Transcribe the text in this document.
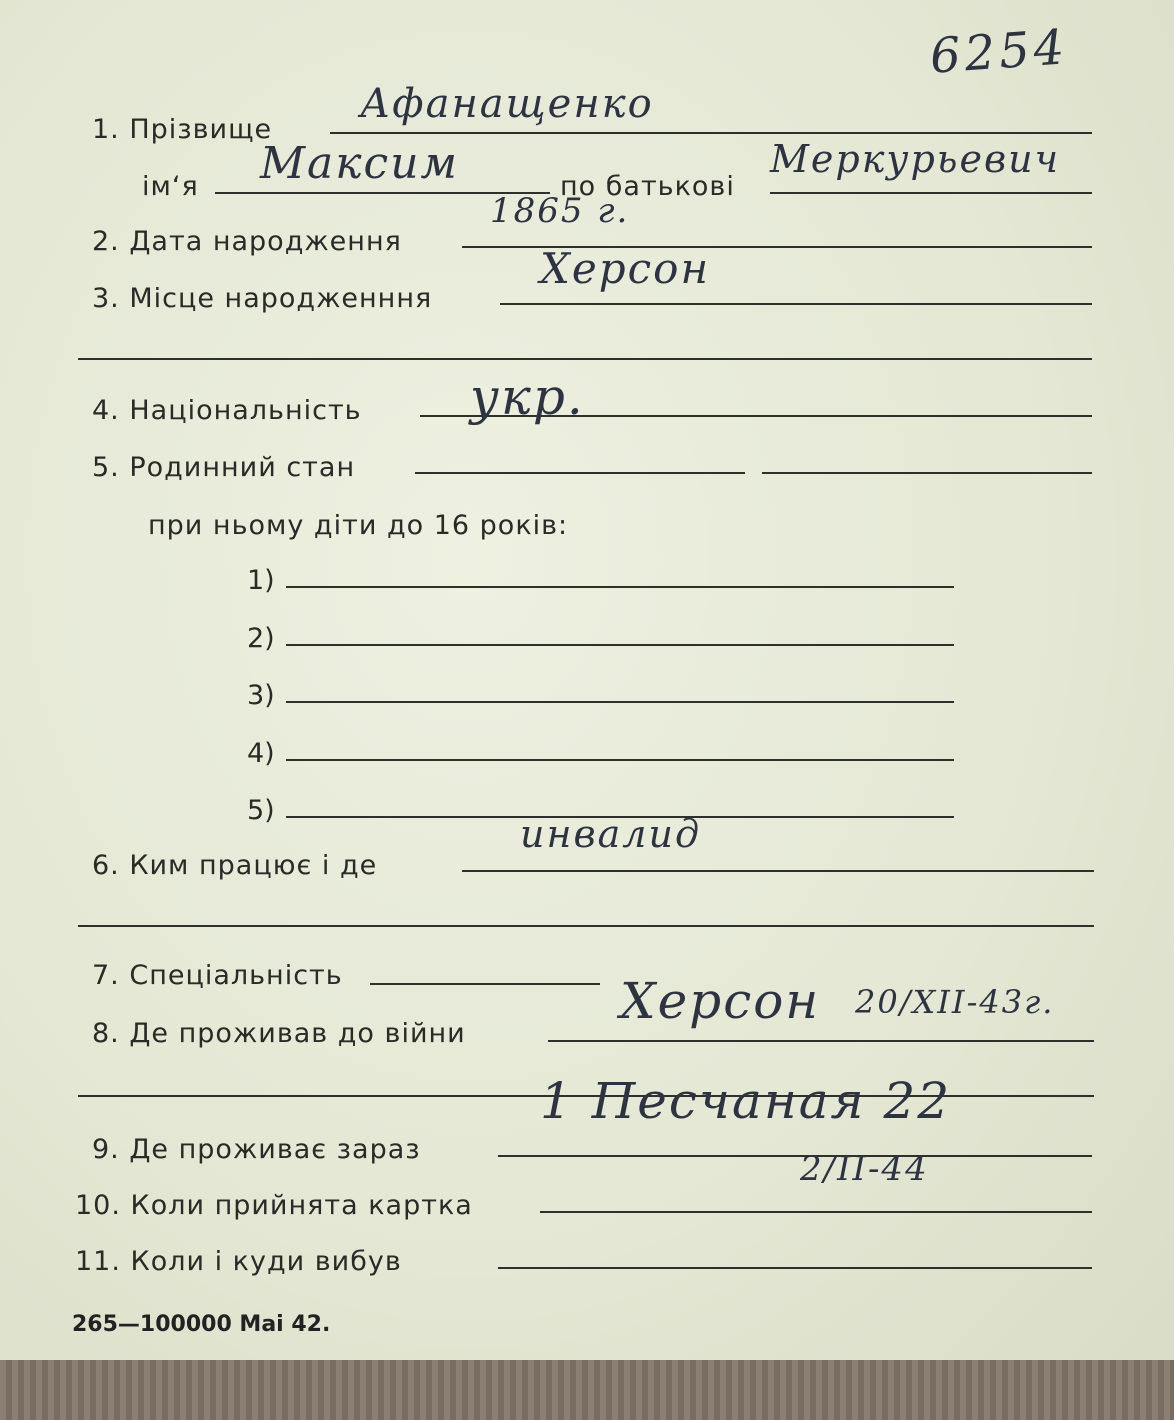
6254
1. Прізвище
Афанащенко
ім‘я Максим	по батькові
Меркурьевич
2. Дата народження
1865 г.
3. Місце народженння
Херсон
4. Національність укр.
5. Родинний стан
при ньому діти до 16 років:
1)
2)
3)
4)
5)
6. Ким працює і де
инвалид
7. Спеціальність
8. Де проживав до війни
Херсон 20/XII-43г.
1 Песчаная 22
9. Де проживає зараз	2/II-44
10. Коли прийнята картка
11. Коли і куди вибув
265—100000 Mai 42.
